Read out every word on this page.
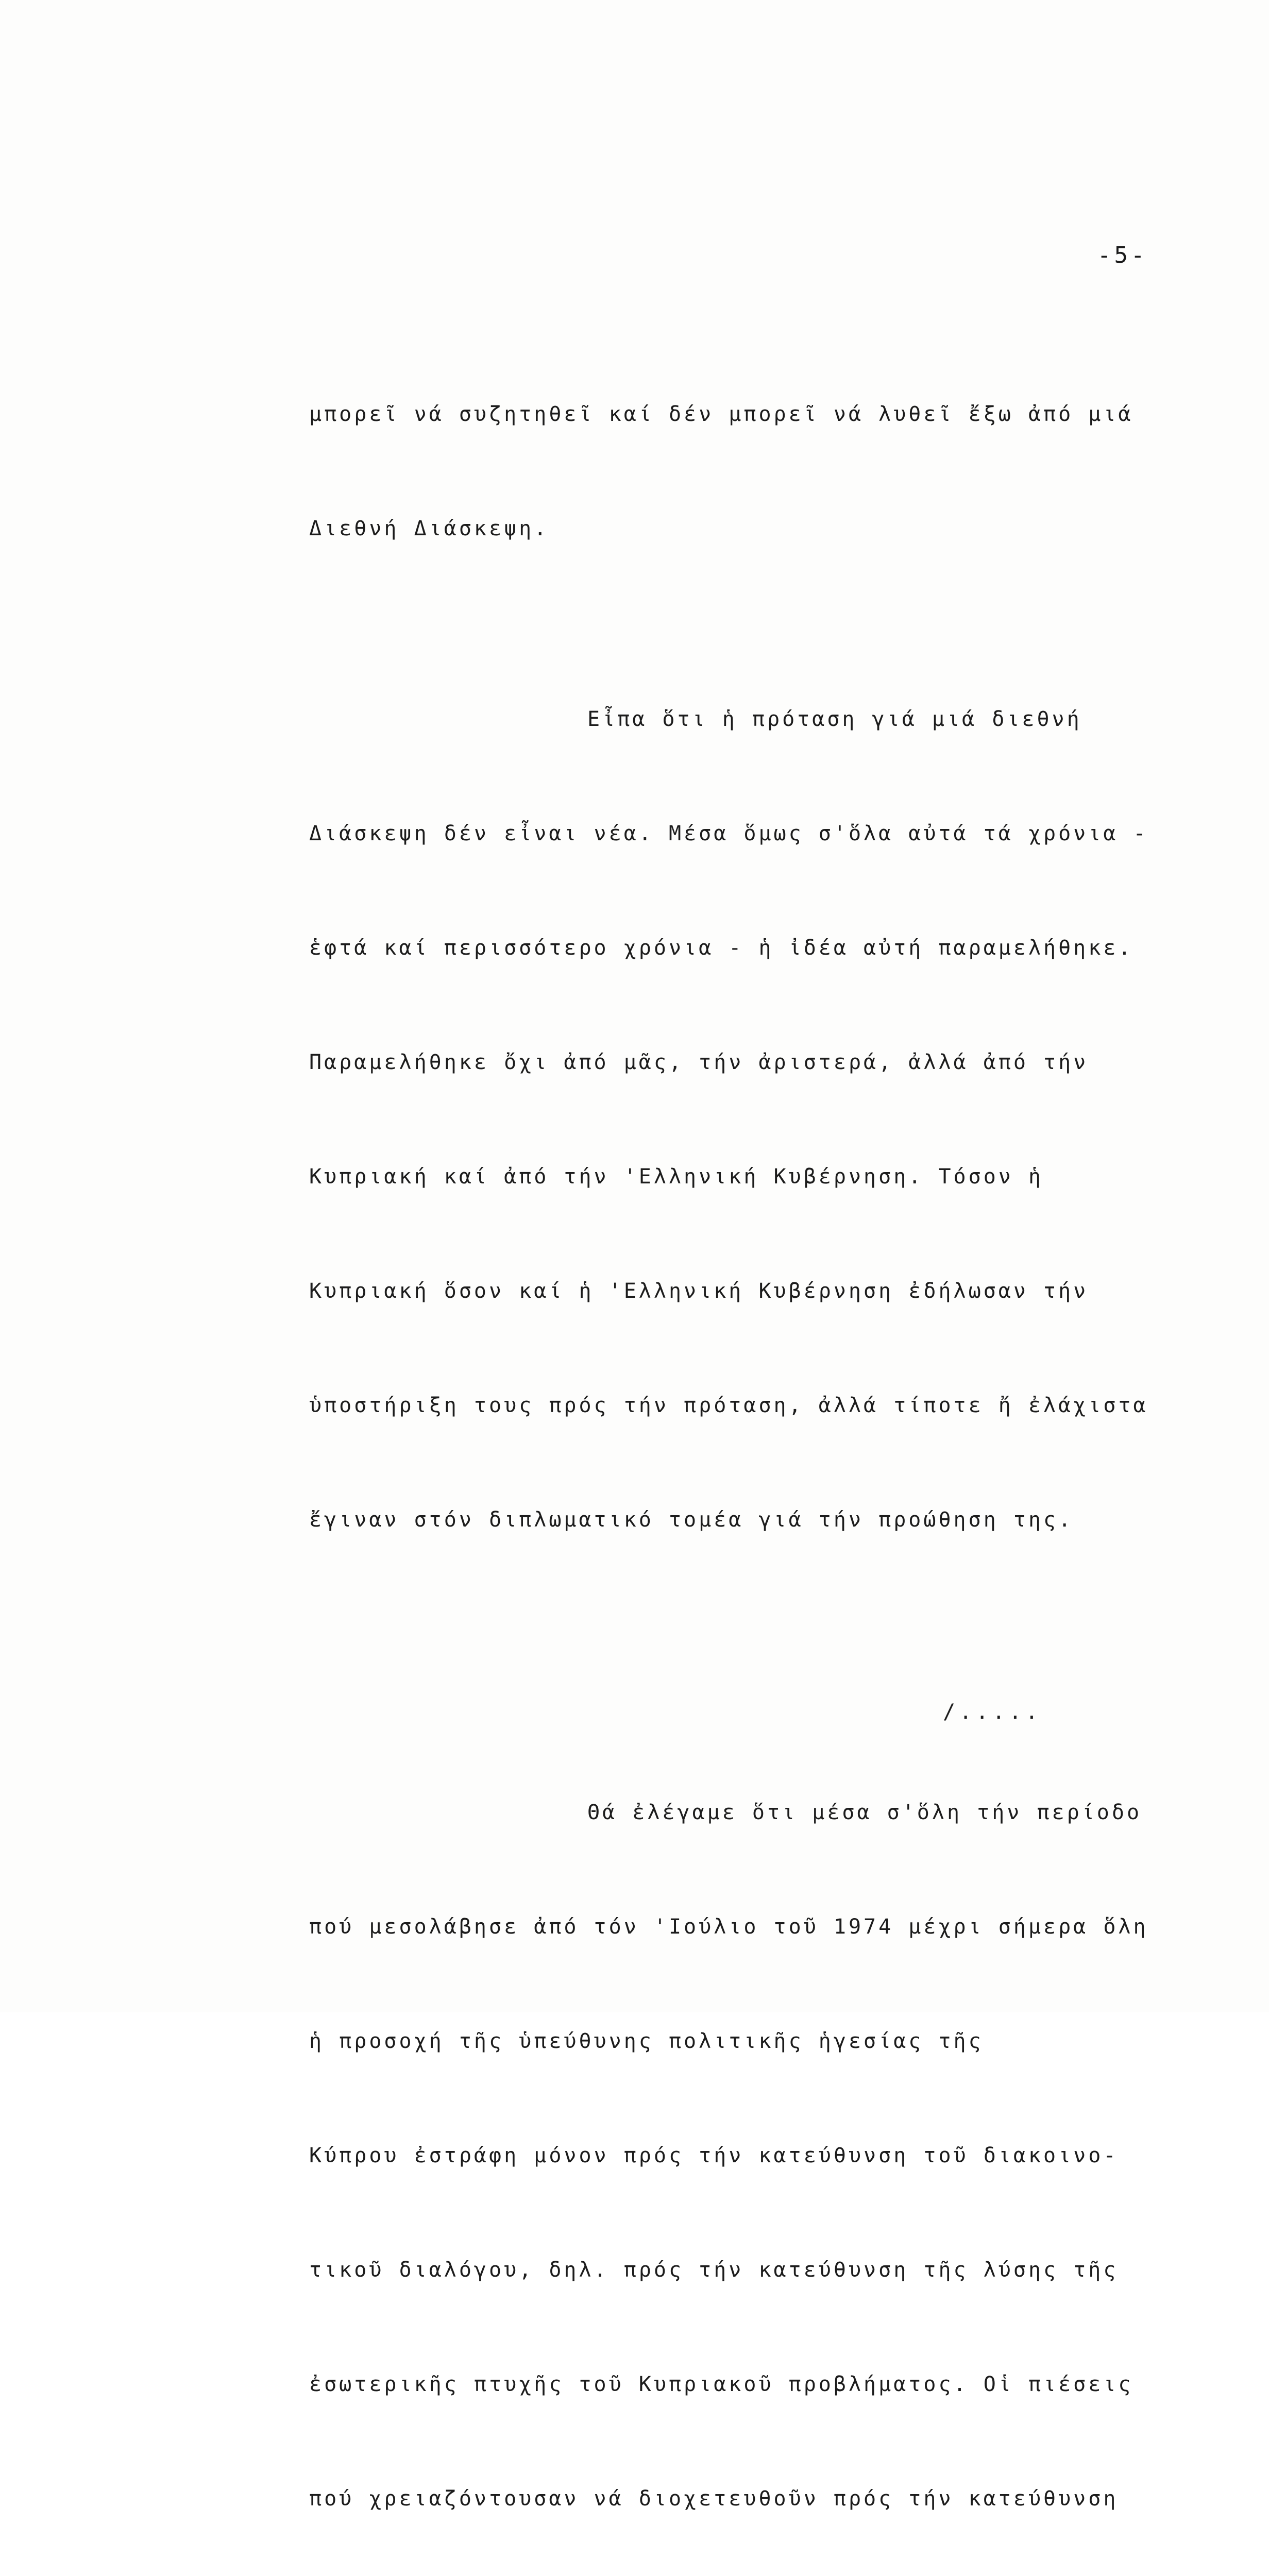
-5-

μπορεῖ νά συζητηθεῖ καί δέν μπορεῖ νά λυθεῖ ἔξω ἀπό μιά

Διεθνή Διάσκεψη.

Εἶπα ὅτι ἡ πρόταση γιά μιά διεθνή

Διάσκεψη δέν εἶναι νέα. Μέσα ὅμως σ'ὅλα αὐτά τά χρόνια -

ἑφτά καί περισσότερο χρόνια - ἡ ἰδέα αὐτή παραμελήθηκε.

Παραμελήθηκε ὄχι ἀπό μᾶς, τήν ἀριστερά, ἀλλά ἀπό τήν

Κυπριακή καί ἀπό τήν 'Ελληνική Κυβέρνηση. Τόσον ἡ

Κυπριακή ὅσον καί ἡ 'Ελληνική Κυβέρνηση ἐδήλωσαν τήν

ὑποστήριξη τους πρός τήν πρόταση, ἀλλά τίποτε ἤ ἐλάχιστα

ἔγιναν στόν διπλωματικό τομέα γιά τήν προώθηση της.

Θά ἐλέγαμε ὅτι μέσα σ'ὅλη τήν περίοδο

πού μεσολάβησε ἀπό τόν 'Ιούλιο τοῦ 1974 μέχρι σήμερα ὅλη

ἡ προσοχή τῆς ὑπεύθυνης πολιτικῆς ἡγεσίας τῆς

Κύπρου ἐστράφη μόνον πρός τήν κατεύθυνση τοῦ διακοινο-

τικοῦ διαλόγου, δηλ. πρός τήν κατεύθυνση τῆς λύσης τῆς

ἐσωτερικῆς πτυχῆς τοῦ Κυπριακοῦ προβλήματος. Οἱ πιέσεις

πού χρειαζόντουσαν νά διοχετευθοῦν πρός τήν κατεύθυνση

/.....
